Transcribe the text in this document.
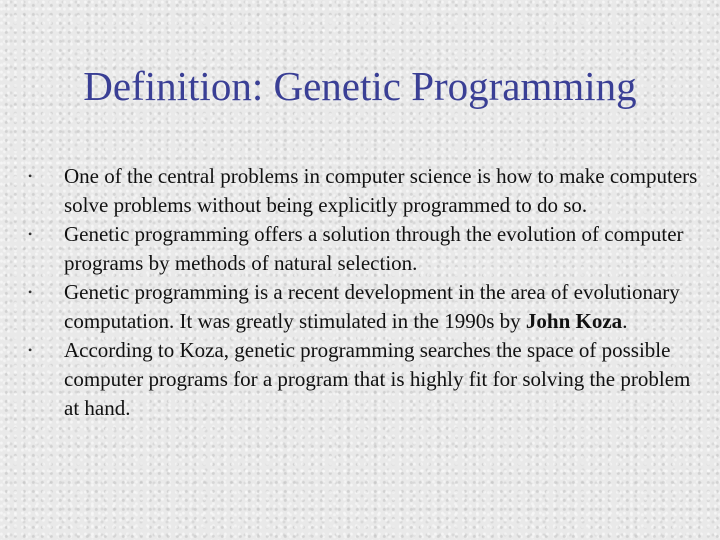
Definition: Genetic Programming
• One of the central problems in computer science is how to make computers solve problems without being explicitly programmed to do so.
• Genetic programming offers a solution through the evolution of computer programs by methods of natural selection.
• Genetic programming is a recent development in the area of evolutionary computation. It was greatly stimulated in the 1990s by John Koza.
• According to Koza, genetic programming searches the space of possible computer programs for a program that is highly fit for solving the problem at hand.
